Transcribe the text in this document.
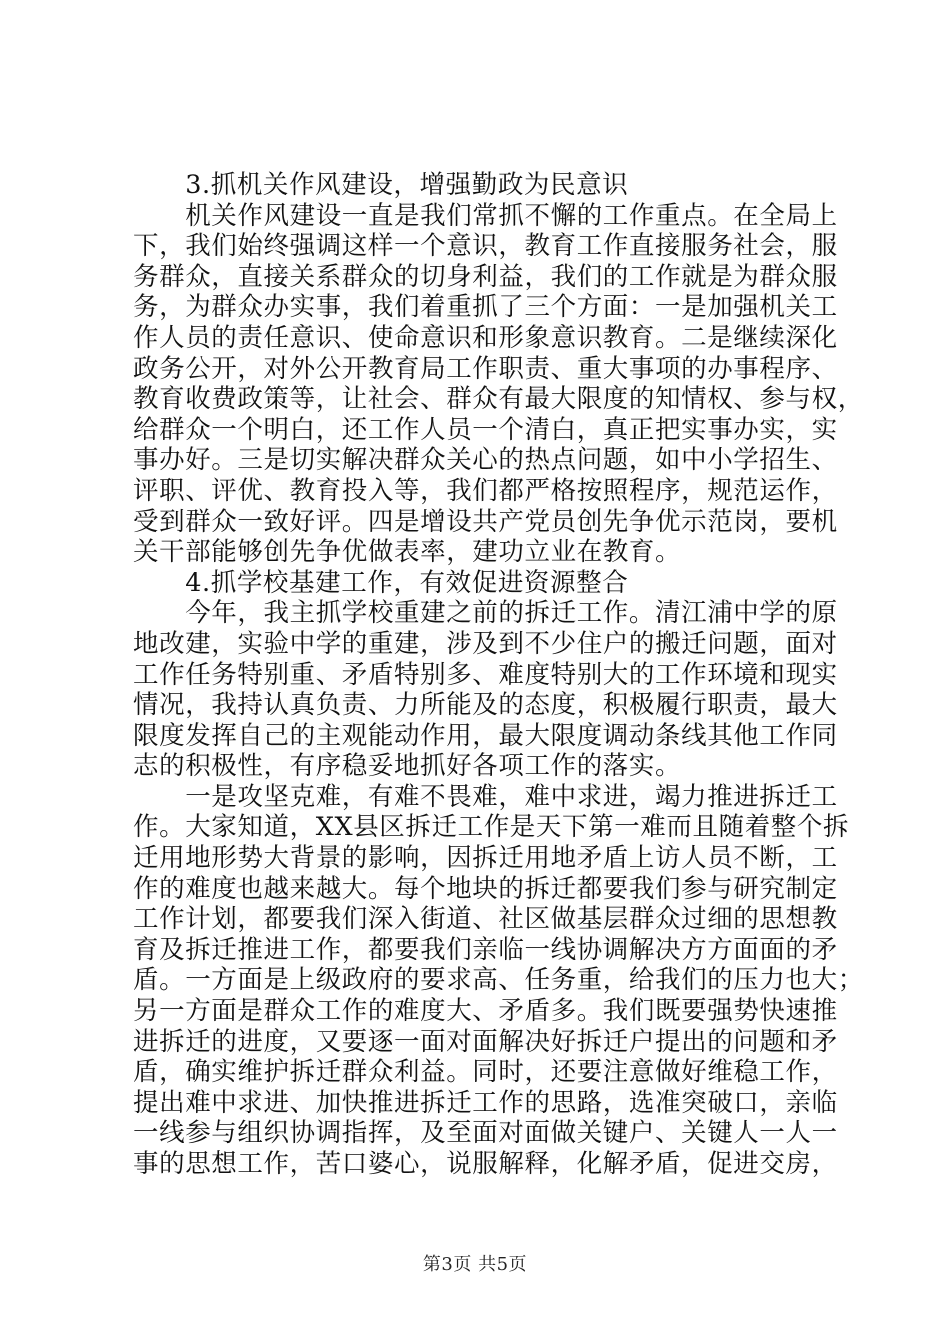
　　3.抓机关作风建设，增强勤政为民意识
　　机关作风建设一直是我们常抓不懈的工作重点。在全局上
下，我们始终强调这样一个意识，教育工作直接服务社会，服
务群众，直接关系群众的切身利益，我们的工作就是为群众服
务，为群众办实事，我们着重抓了三个方面：一是加强机关工
作人员的责任意识、使命意识和形象意识教育。二是继续深化
政务公开，对外公开教育局工作职责、重大事项的办事程序、
教育收费政策等，让社会、群众有最大限度的知情权、参与权，
给群众一个明白，还工作人员一个清白，真正把实事办实，实
事办好。三是切实解决群众关心的热点问题，如中小学招生、
评职、评优、教育投入等，我们都严格按照程序，规范运作，
受到群众一致好评。四是增设共产党员创先争优示范岗，要机
关干部能够创先争优做表率，建功立业在教育。
　　4.抓学校基建工作，有效促进资源整合
　　今年，我主抓学校重建之前的拆迁工作。清江浦中学的原
地改建，实验中学的重建，涉及到不少住户的搬迁问题，面对
工作任务特别重、矛盾特别多、难度特别大的工作环境和现实
情况，我持认真负责、力所能及的态度，积极履行职责，最大
限度发挥自己的主观能动作用，最大限度调动条线其他工作同
志的积极性，有序稳妥地抓好各项工作的落实。
　　一是攻坚克难，有难不畏难，难中求进，竭力推进拆迁工
作。大家知道，XX县区拆迁工作是天下第一难而且随着整个拆
迁用地形势大背景的影响，因拆迁用地矛盾上访人员不断，工
作的难度也越来越大。每个地块的拆迁都要我们参与研究制定
工作计划，都要我们深入街道、社区做基层群众过细的思想教
育及拆迁推进工作，都要我们亲临一线协调解决方方面面的矛
盾。一方面是上级政府的要求高、任务重，给我们的压力也大；
另一方面是群众工作的难度大、矛盾多。我们既要强势快速推
进拆迁的进度，又要逐一面对面解决好拆迁户提出的问题和矛
盾，确实维护拆迁群众利益。同时，还要注意做好维稳工作，
提出难中求进、加快推进拆迁工作的思路，选准突破口，亲临
一线参与组织协调指挥，及至面对面做关键户、关键人一人一
事的思想工作，苦口婆心，说服解释，化解矛盾，促进交房，
第3页 共5页
